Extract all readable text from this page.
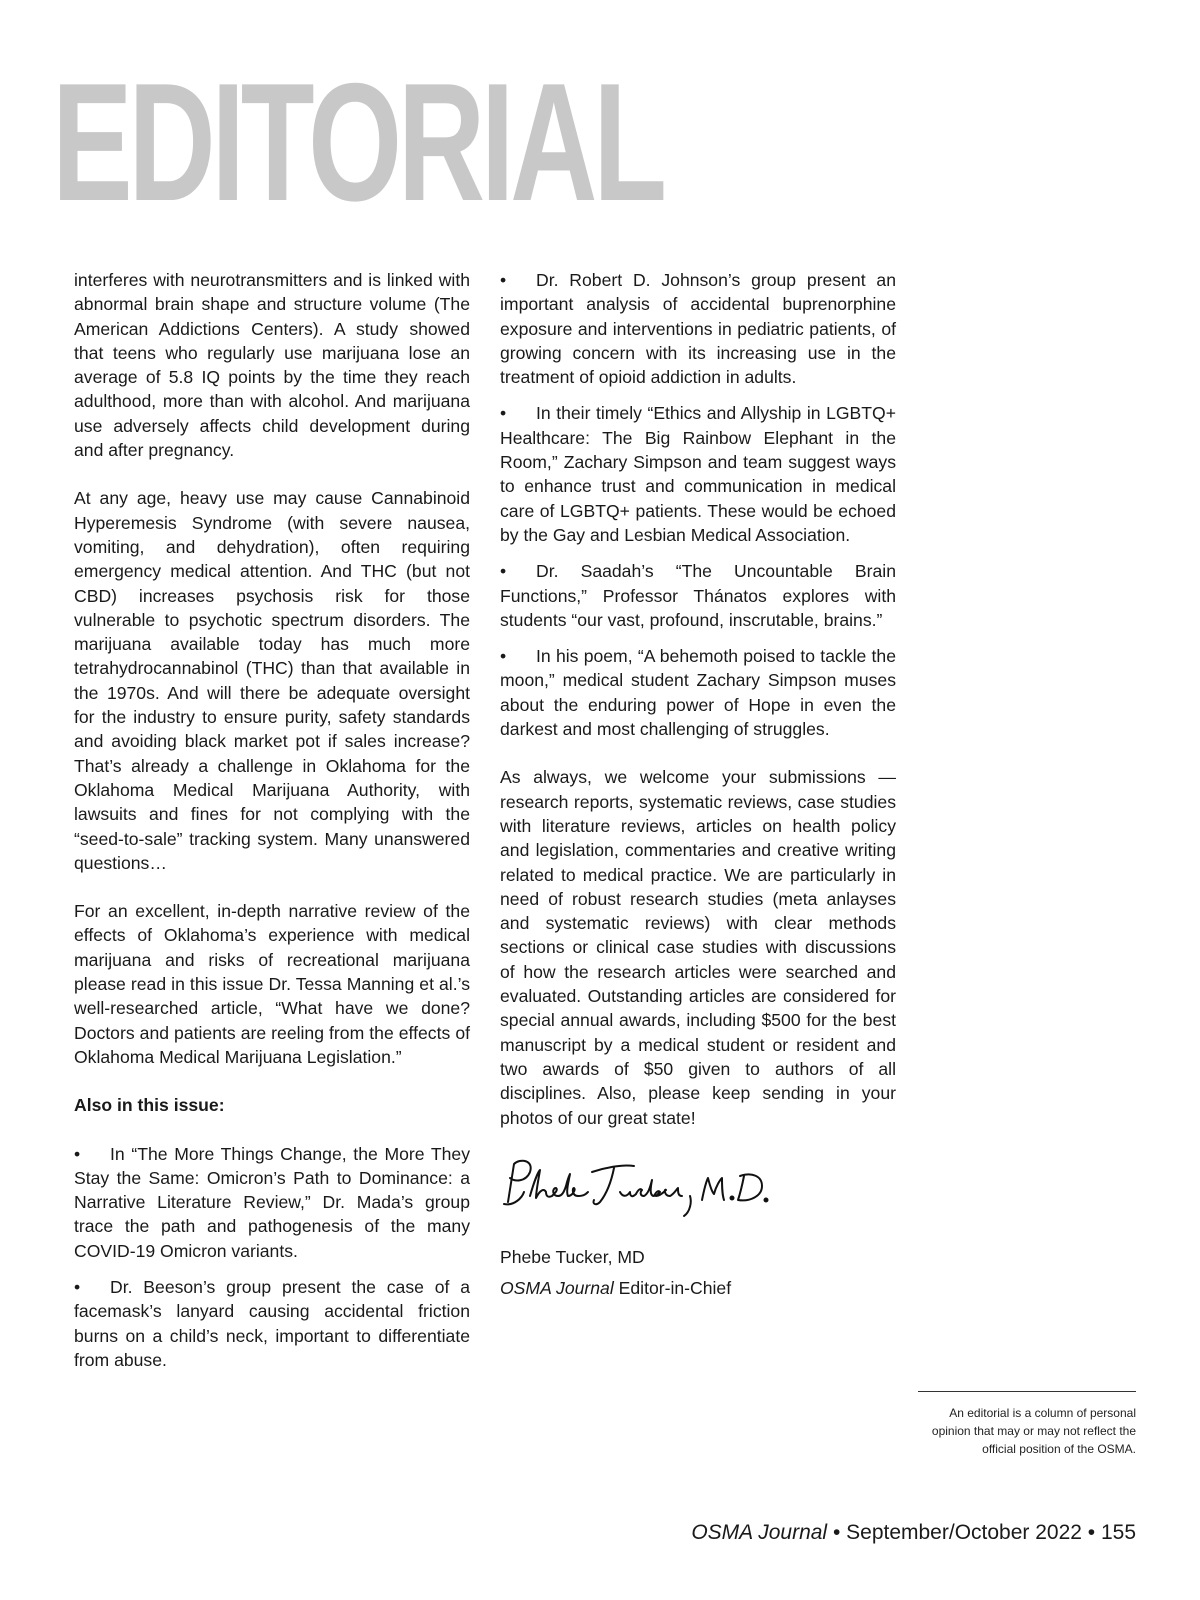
EDITORIAL

interferes with neurotransmitters and is linked with abnormal brain shape and structure volume (The American Addictions Centers). A study showed that teens who regularly use marijuana lose an average of 5.8 IQ points by the time they reach adulthood, more than with alcohol. And marijuana use adversely affects child development during and after pregnancy.

At any age, heavy use may cause Cannabinoid Hyperemesis Syndrome (with severe nausea, vomiting, and dehydration), often requiring emergency medical attention. And THC (but not CBD) increases psychosis risk for those vulnerable to psychotic spectrum disorders. The marijuana available today has much more tetrahydrocannabinol (THC) than that available in the 1970s. And will there be adequate oversight for the industry to ensure purity, safety standards and avoiding black market pot if sales increase? That’s already a challenge in Oklahoma for the Oklahoma Medical Marijuana Authority, with lawsuits and fines for not complying with the “seed-to-sale” tracking system. Many unanswered questions…

For an excellent, in-depth narrative review of the effects of Oklahoma’s experience with medical marijuana and risks of recreational marijuana please read in this issue Dr. Tessa Manning et al.’s well-researched article, “What have we done? Doctors and patients are reeling from the effects of Oklahoma Medical Marijuana Legislation.”

Also in this issue:

• In “The More Things Change, the More They Stay the Same: Omicron’s Path to Dominance: a Narrative Literature Review,” Dr. Mada’s group trace the path and pathogenesis of the many COVID-19 Omicron variants.

• Dr. Beeson’s group present the case of a facemask’s lanyard causing accidental friction burns on a child’s neck, important to differentiate from abuse.

• Dr. Robert D. Johnson’s group present an important analysis of accidental buprenorphine exposure and interventions in pediatric patients, of growing concern with its increasing use in the treatment of opioid addiction in adults.

• In their timely “Ethics and Allyship in LGBTQ+ Healthcare: The Big Rainbow Elephant in the Room,” Zachary Simpson and team suggest ways to enhance trust and communication in medical care of LGBTQ+ patients. These would be echoed by the Gay and Lesbian Medical Association.

• Dr. Saadah’s “The Uncountable Brain Functions,” Professor Thánatos explores with students “our vast, profound, inscrutable, brains.”

• In his poem, “A behemoth poised to tackle the moon,” medical student Zachary Simpson muses about the enduring power of Hope in even the darkest and most challenging of struggles.

As always, we welcome your submissions — research reports, systematic reviews, case studies with literature reviews, articles on health policy and legislation, commentaries and creative writing related to medical practice. We are particularly in need of robust research studies (meta anlayses and systematic reviews) with clear methods sections or clinical case studies with discussions of how the research articles were searched and evaluated. Outstanding articles are considered for special annual awards, including $500 for the best manuscript by a medical student or resident and two awards of $50 given to authors of all disciplines. Also, please keep sending in your photos of our great state!

Phebe Tucker, MD

OSMA Journal Editor-in-Chief

An editorial is a column of personal opinion that may or may not reflect the official position of the OSMA.
OSMA Journal • September/October 2022 • 155
